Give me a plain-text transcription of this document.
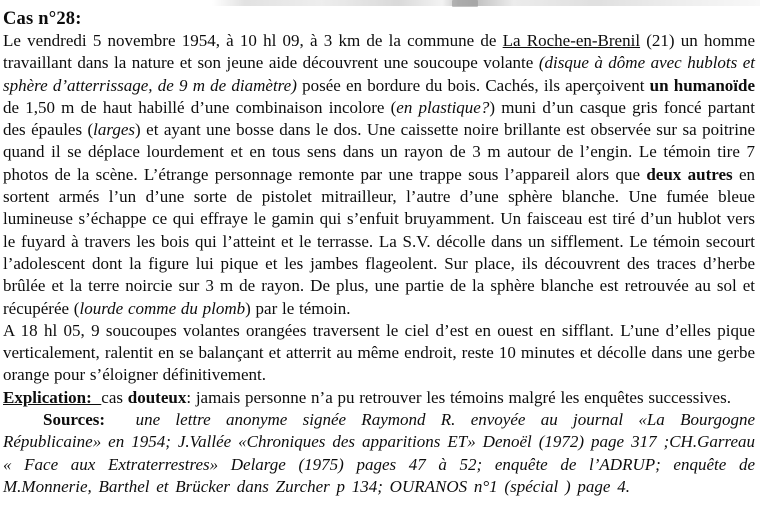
Cas n°28:

Le vendredi 5 novembre 1954, à 10 hl 09, à 3 km de la commune de La Roche-en-Brenil (21) un homme travaillant dans la nature et son jeune aide découvrent une soucoupe volante (disque à dôme avec hublots et sphère d’atterrissage, de 9 m de diamètre) posée en bordure du bois. Cachés, ils aperçoivent un humanoïde de 1,50 m de haut habillé d’une combinaison incolore (en plastique?) muni d’un casque gris foncé partant des épaules (larges) et ayant une bosse dans le dos. Une caissette noire brillante est observée sur sa poitrine quand il se déplace lourdement et en tous sens dans un rayon de 3 m autour de l’engin. Le témoin tire 7 photos de la scène. L’étrange personnage remonte par une trappe sous l’appareil alors que deux autres en sortent armés l’un d’une sorte de pistolet mitrailleur, l’autre d’une sphère blanche. Une fumée bleue lumineuse s’échappe ce qui effraye le gamin qui s’enfuit bruyamment. Un faisceau est tiré d’un hublot vers le fuyard à travers les bois qui l’atteint et le terrasse. La S.V. décolle dans un sifflement. Le témoin secourt l’adolescent dont la figure lui pique et les jambes flageolent. Sur place, ils découvrent des traces d’herbe brûlée et la terre noircie sur 3 m de rayon. De plus, une partie de la sphère blanche est retrouvée au sol et récupérée (lourde comme du plomb) par le témoin.

A 18 hl 05, 9 soucoupes volantes orangées traversent le ciel d’est en ouest en sifflant. L’une d’elles pique verticalement, ralentit en se balançant et atterrit au même endroit, reste 10 minutes et décolle dans une gerbe orange pour s’éloigner définitivement.

Explication:  cas douteux: jamais personne n’a pu retrouver les témoins malgré les enquêtes successives.

Sources: une lettre anonyme signée Raymond R. envoyée au journal «La Bourgogne Républicaine» en 1954; J.Vallée «Chroniques des apparitions ET» Denoël (1972) page 317 ;CH.Garreau « Face aux Extraterrestres» Delarge (1975) pages 47 à 52; enquête de l’ADRUP; enquête de M.Monnerie, Barthel et Brücker dans Zurcher p 134; OURANOS n°1 (spécial ) page 4.
